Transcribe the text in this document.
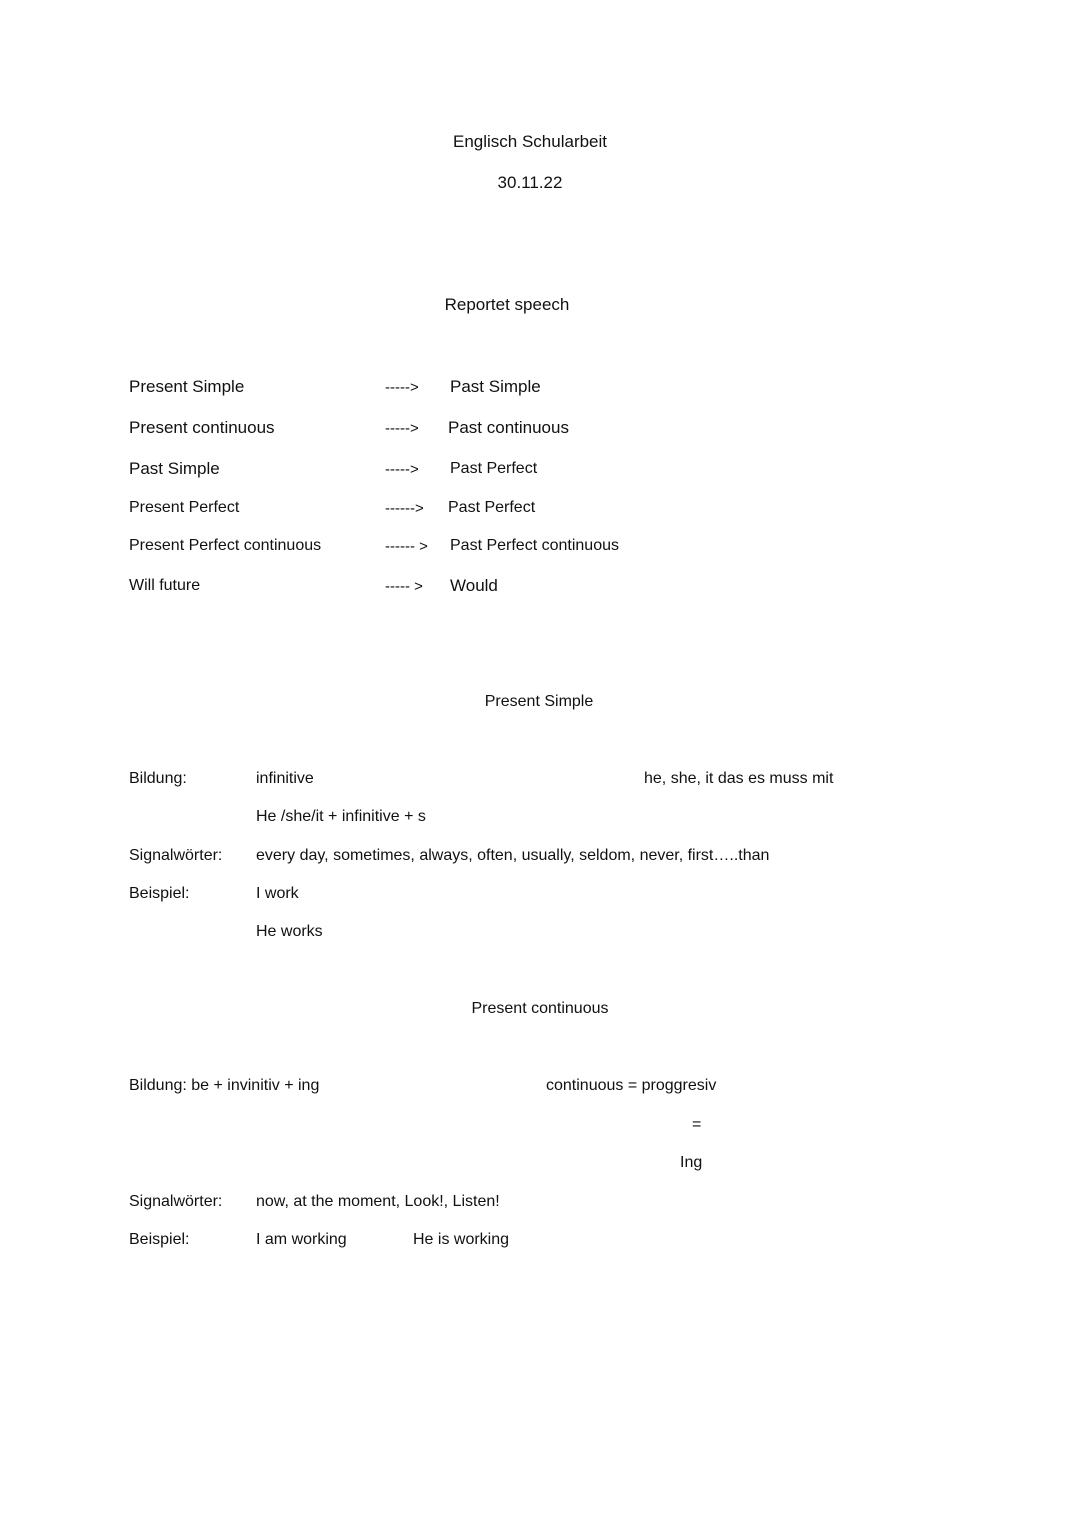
Englisch Schularbeit
30.11.22
Reportet speech
Present Simple	-----> Past Simple
Present continuous	-----> Past continuous
Past Simple	-----> Past Perfect
Present Perfect	------> Past Perfect
Present Perfect continuous	------ > Past Perfect continuous
Will future	----- > Would
Present Simple
Bildung:	infinitive	he, she, it das es muss mit
He /she/it + infinitive + s
Signalwörter: every day, sometimes, always, often, usually, seldom, never, first…..than
Beispiel:	I work
He works
Present continuous
Bildung: be + invinitiv + ing	continuous = proggresiv
=
Ing
Signalwörter: now, at the moment, Look!, Listen!
Beispiel:	I am working	He is working
